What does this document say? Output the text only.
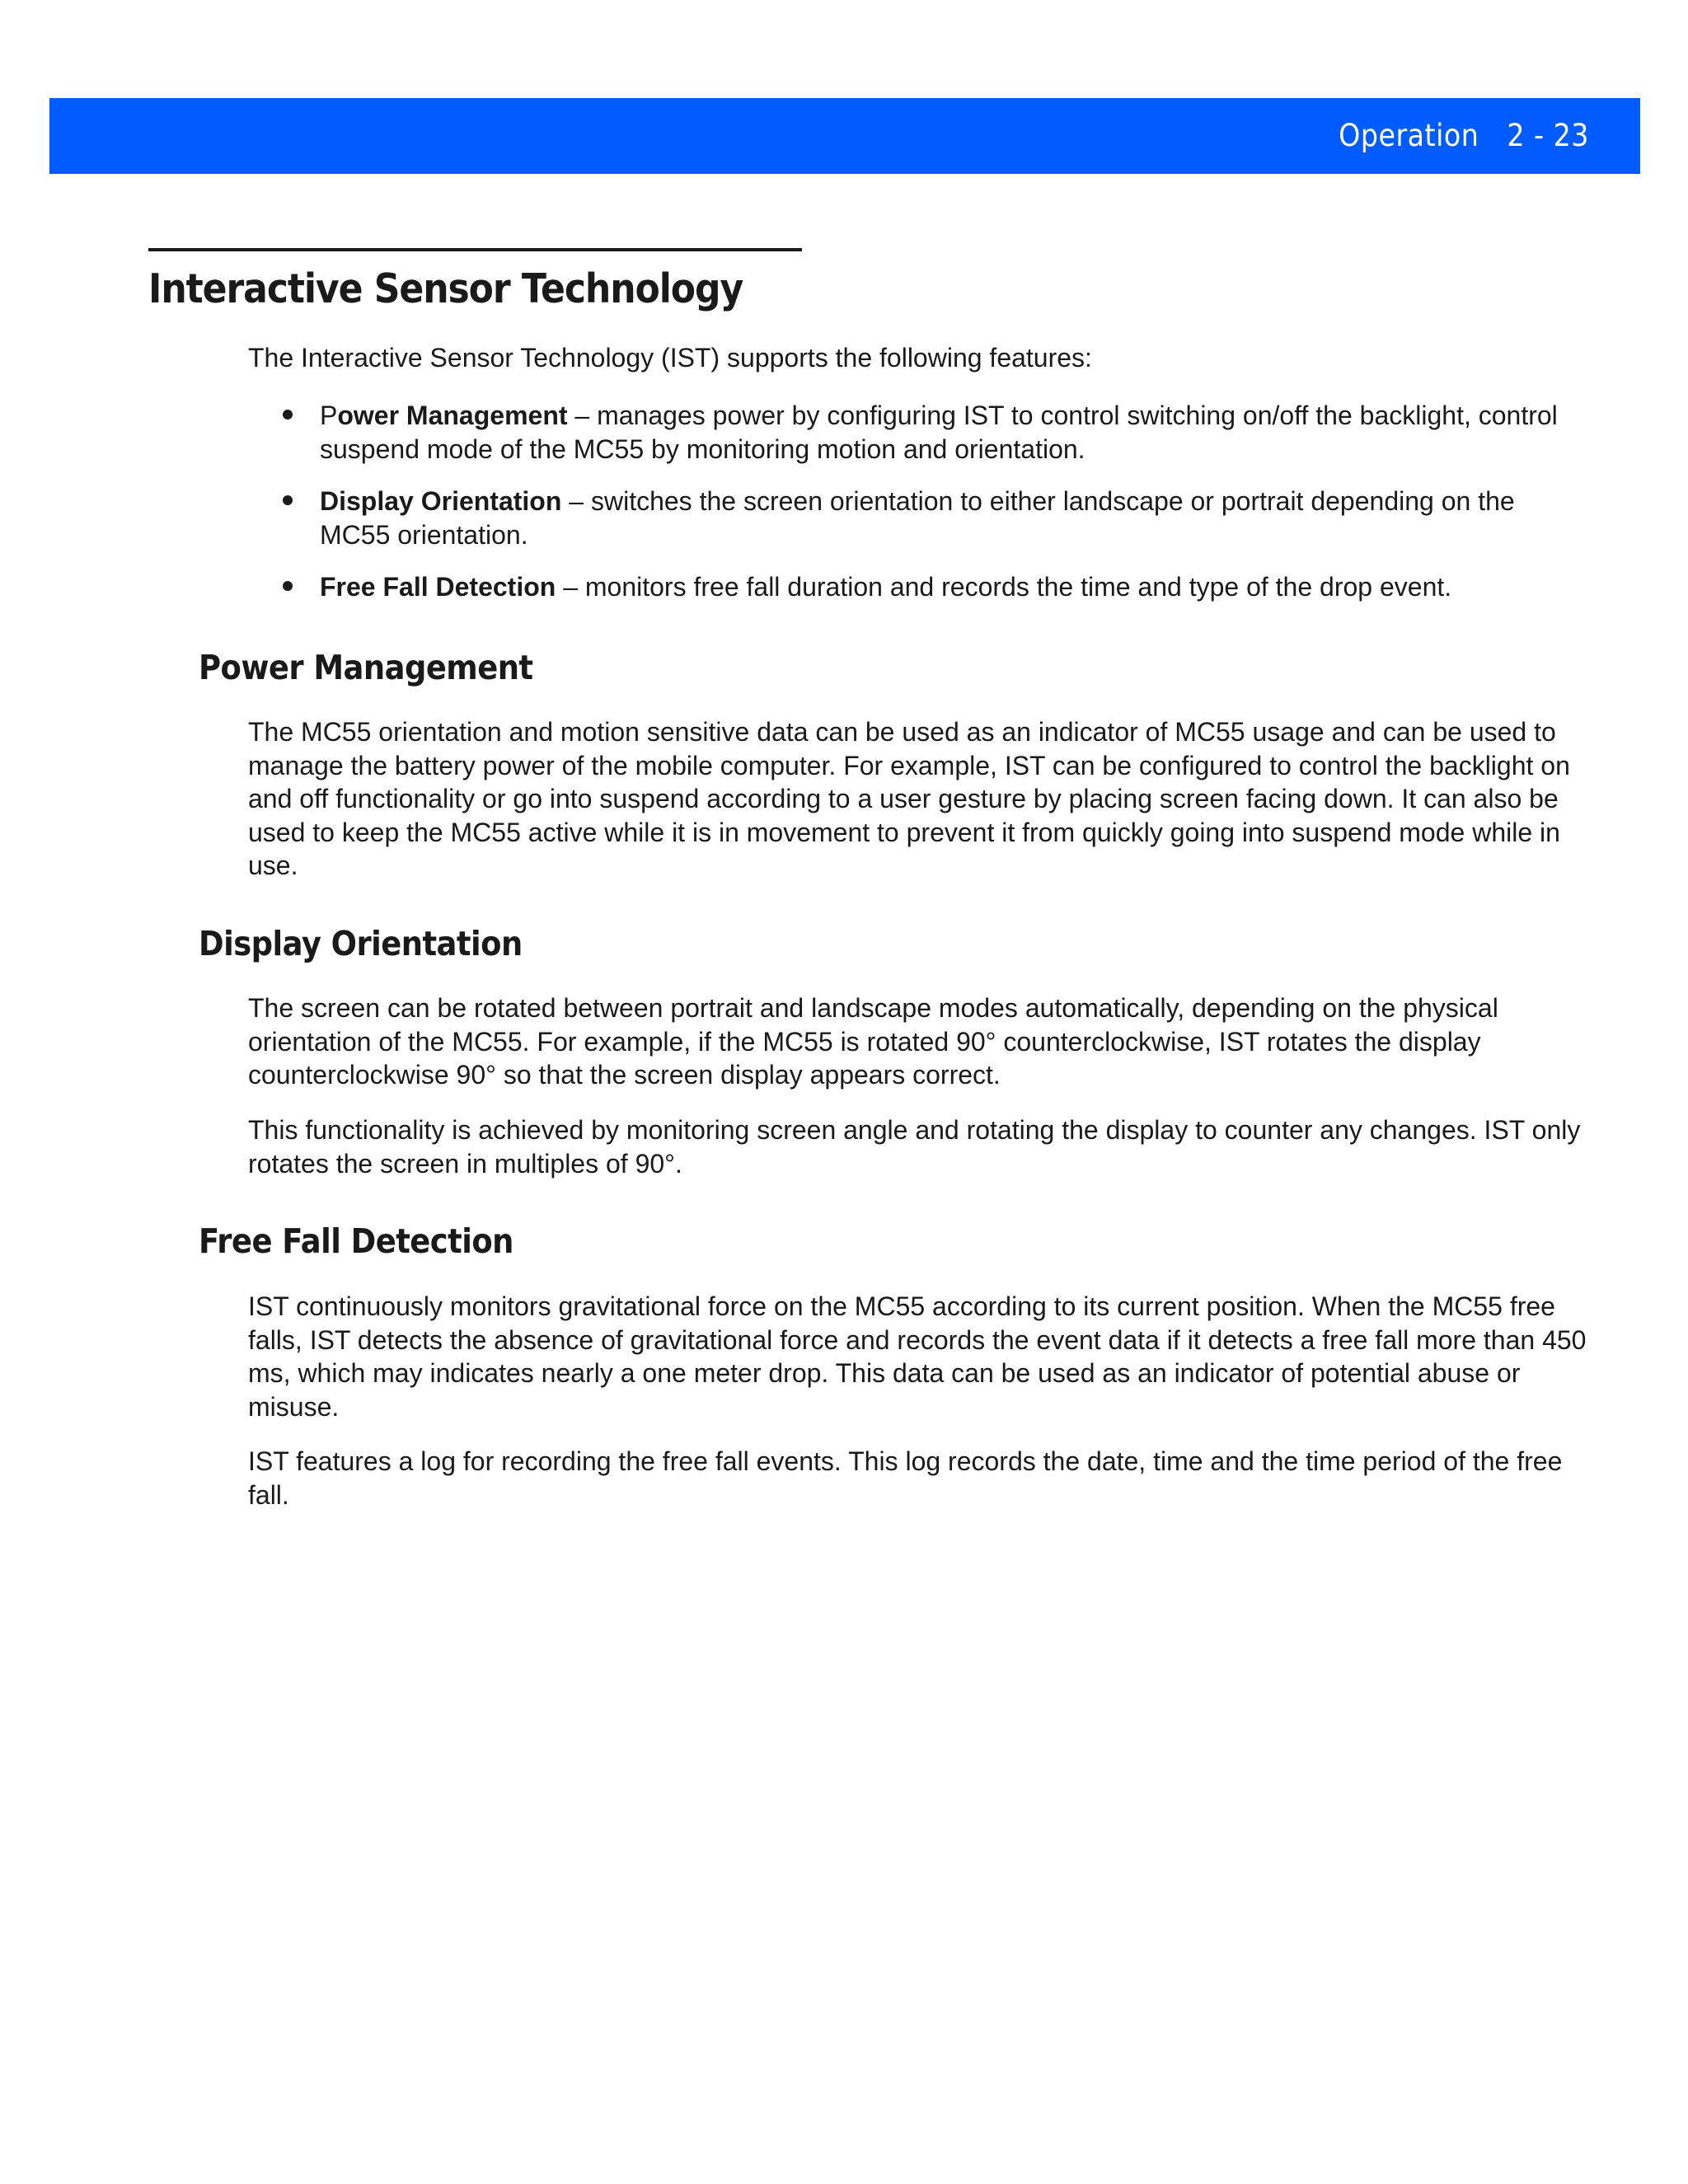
Operation 2 - 23
Interactive Sensor Technology

The Interactive Sensor Technology (IST) supports the following features:

Power Management – manages power by configuring IST to control switching on/off the backlight, control suspend mode of the MC55 by monitoring motion and orientation.

Display Orientation – switches the screen orientation to either landscape or portrait depending on the MC55 orientation.

Free Fall Detection – monitors free fall duration and records the time and type of the drop event.

Power Management

The MC55 orientation and motion sensitive data can be used as an indicator of MC55 usage and can be used to manage the battery power of the mobile computer. For example, IST can be configured to control the backlight on and off functionality or go into suspend according to a user gesture by placing screen facing down. It can also be used to keep the MC55 active while it is in movement to prevent it from quickly going into suspend mode while in use.

Display Orientation

The screen can be rotated between portrait and landscape modes automatically, depending on the physical orientation of the MC55. For example, if the MC55 is rotated 90° counterclockwise, IST rotates the display counterclockwise 90° so that the screen display appears correct.

This functionality is achieved by monitoring screen angle and rotating the display to counter any changes. IST only rotates the screen in multiples of 90°.

Free Fall Detection

IST continuously monitors gravitational force on the MC55 according to its current position. When the MC55 free falls, IST detects the absence of gravitational force and records the event data if it detects a free fall more than 450 ms, which may indicates nearly a one meter drop. This data can be used as an indicator of potential abuse or misuse.

IST features a log for recording the free fall events. This log records the date, time and the time period of the free fall.
